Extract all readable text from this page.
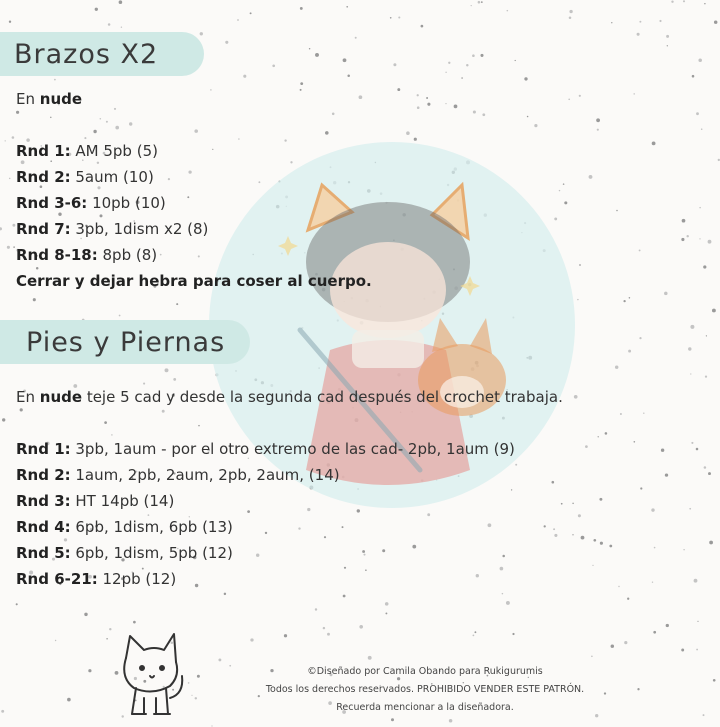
Brazos X2
En nude
Rnd 1: AM 5pb (5)
Rnd 2: 5aum (10)
Rnd 3-6: 10pb (10)
Rnd 7: 3pb, 1dism x2 (8)
Rnd 8-18: 8pb (8)
Cerrar y dejar hebra para coser al cuerpo.
Pies y Piernas
En nude teje 5 cad y desde la segunda cad después del crochet trabaja.
Rnd 1: 3pb, 1aum - por el otro extremo de las cad- 2pb, 1aum (9)
Rnd 2: 1aum, 2pb, 2aum, 2pb, 2aum, (14)
Rnd 3: HT 14pb (14)
Rnd 4: 6pb, 1dism, 6pb (13)
Rnd 5: 6pb, 1dism, 5pb (12)
Rnd 6-21: 12pb (12)
©Diseñado por Camila Obando para Rukigurumis
Todos los derechos reservados. PROHIBIDO VENDER ESTE PATRÓN.
Recuerda mencionar a la diseñadora.
